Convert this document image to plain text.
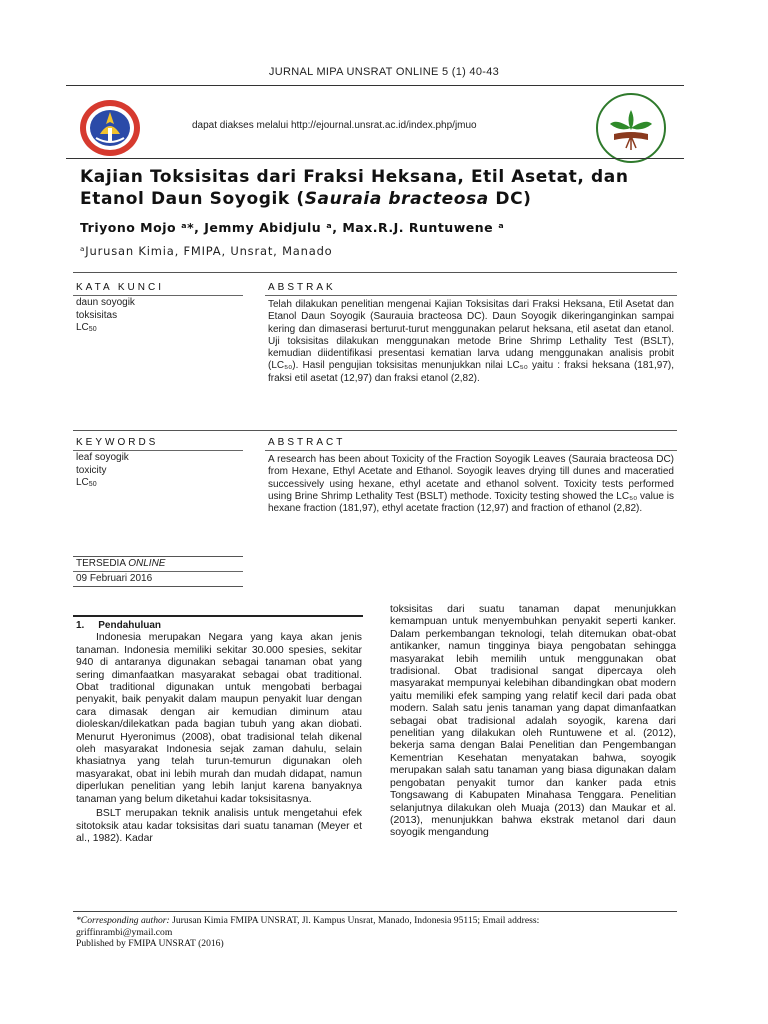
JURNAL MIPA UNSRAT ONLINE 5 (1) 40-43
dapat diakses melalui http://ejournal.unsrat.ac.id/index.php/jmuo
Kajian Toksisitas dari Fraksi Heksana, Etil Asetat, dan
Etanol Daun Soyogik (Sauraia bracteosa DC)
Triyono Mojo ᵃ*, Jemmy Abidjulu ᵃ, Max.R.J. Runtuwene ᵃ
ᵃJurusan Kimia, FMIPA, Unsrat, Manado
KATA KUNCI
daun soyogik
toksisitas
$LC_{50}$
ABSTRAK
Telah dilakukan penelitian mengenai Kajian Toksisitas dari Fraksi Heksana, Etil Asetat dan Etanol Daun Soyogik (Saurauia bracteosa DC). Daun Soyogik dikeringanginkan sampai kering dan dimaserasi berturut-turut menggunakan pelarut heksana, etil asetat dan etanol. Uji toksisitas dilakukan menggunakan metode Brine Shrimp Lethality Test (BSLT), kemudian diidentifikasi presentasi kematian larva udang menggunakan analisis probit (LC₅₀). Hasil pengujian toksisitas menunjukkan nilai LC₅₀ yaitu : fraksi heksana (181,97), fraksi etil asetat (12,97) dan fraksi etanol (2,82).
KEYWORDS
leaf soyogik
toxicity
$LC_{50}$
ABSTRACT
A research has been about Toxicity of the Fraction Soyogik Leaves (Sauraia bracteosa DC) from Hexane, Ethyl Acetate and Ethanol. Soyogik leaves drying till dunes and maceratied successively using hexane, ethyl acetate and ethanol solvent. Toxicity tests performed using Brine Shrimp Lethality Test (BSLT) methode. Toxicity testing showed the LC₅₀ value is hexane fraction (181,97), ethyl acetate fraction (12,97) and fraction of ethanol (2,82).
TERSEDIA ONLINE
09 Februari 2016
1. Pendahuluan

Indonesia merupakan Negara yang kaya akan jenis tanaman. Indonesia memiliki sekitar 30.000 spesies, sekitar 940 di antaranya digunakan sebagai tanaman obat yang sering dimanfaatkan masyarakat sebagai obat traditional. Obat traditional digunakan untuk mengobati berbagai penyakit, baik penyakit dalam maupun penyakit luar dengan cara dimasak dengan air kemudian diminum atau dioleskan/dilekatkan pada bagian tubuh yang akan diobati. Menurut Hyeronimus (2008), obat tradisional telah dikenal oleh masyarakat Indonesia sejak zaman dahulu, selain khasiatnya yang telah turun-temurun digunakan oleh masyarakat, obat ini lebih murah dan mudah didapat, namun diperlukan penelitian yang lebih lanjut karena banyaknya tanaman yang belum diketahui kadar toksisitasnya.

BSLT merupakan teknik analisis untuk mengetahui efek sitotoksik atau kadar toksisitas dari suatu tanaman (Meyer et al., 1982). Kadar

toksisitas dari suatu tanaman dapat menunjukkan kemampuan untuk menyembuhkan penyakit seperti kanker. Dalam perkembangan teknologi, telah ditemukan obat-obat antikanker, namun tingginya biaya pengobatan sehingga masyarakat lebih memilih untuk menggunakan obat tradisional. Obat tradisional sangat dipercaya oleh masyarakat mempunyai kelebihan dibandingkan obat modern yaitu memiliki efek samping yang relatif kecil dari pada obat modern. Salah satu jenis tanaman yang dapat dimanfaatkan sebagai obat tradisional adalah soyogik, karena dari penelitian yang dilakukan oleh Runtuwene et al. (2012), bekerja sama dengan Balai Penelitian dan Pengembangan Kementrian Kesehatan menyatakan bahwa, soyogik merupakan salah satu tanaman yang biasa digunakan dalam pengobatan penyakit tumor dan kanker pada etnis Tongsawang di Kabupaten Minahasa Tenggara. Penelitian selanjutnya dilakukan oleh Muaja (2013) dan Maukar et al. (2013), menunjukkan bahwa ekstrak metanol dari daun soyogik mengandung

*Corresponding author: Jurusan Kimia FMIPA UNSRAT, Jl. Kampus Unsrat, Manado, Indonesia 95115; Email address:
griffinrambi@ymail.com
Published by FMIPA UNSRAT (2016)
